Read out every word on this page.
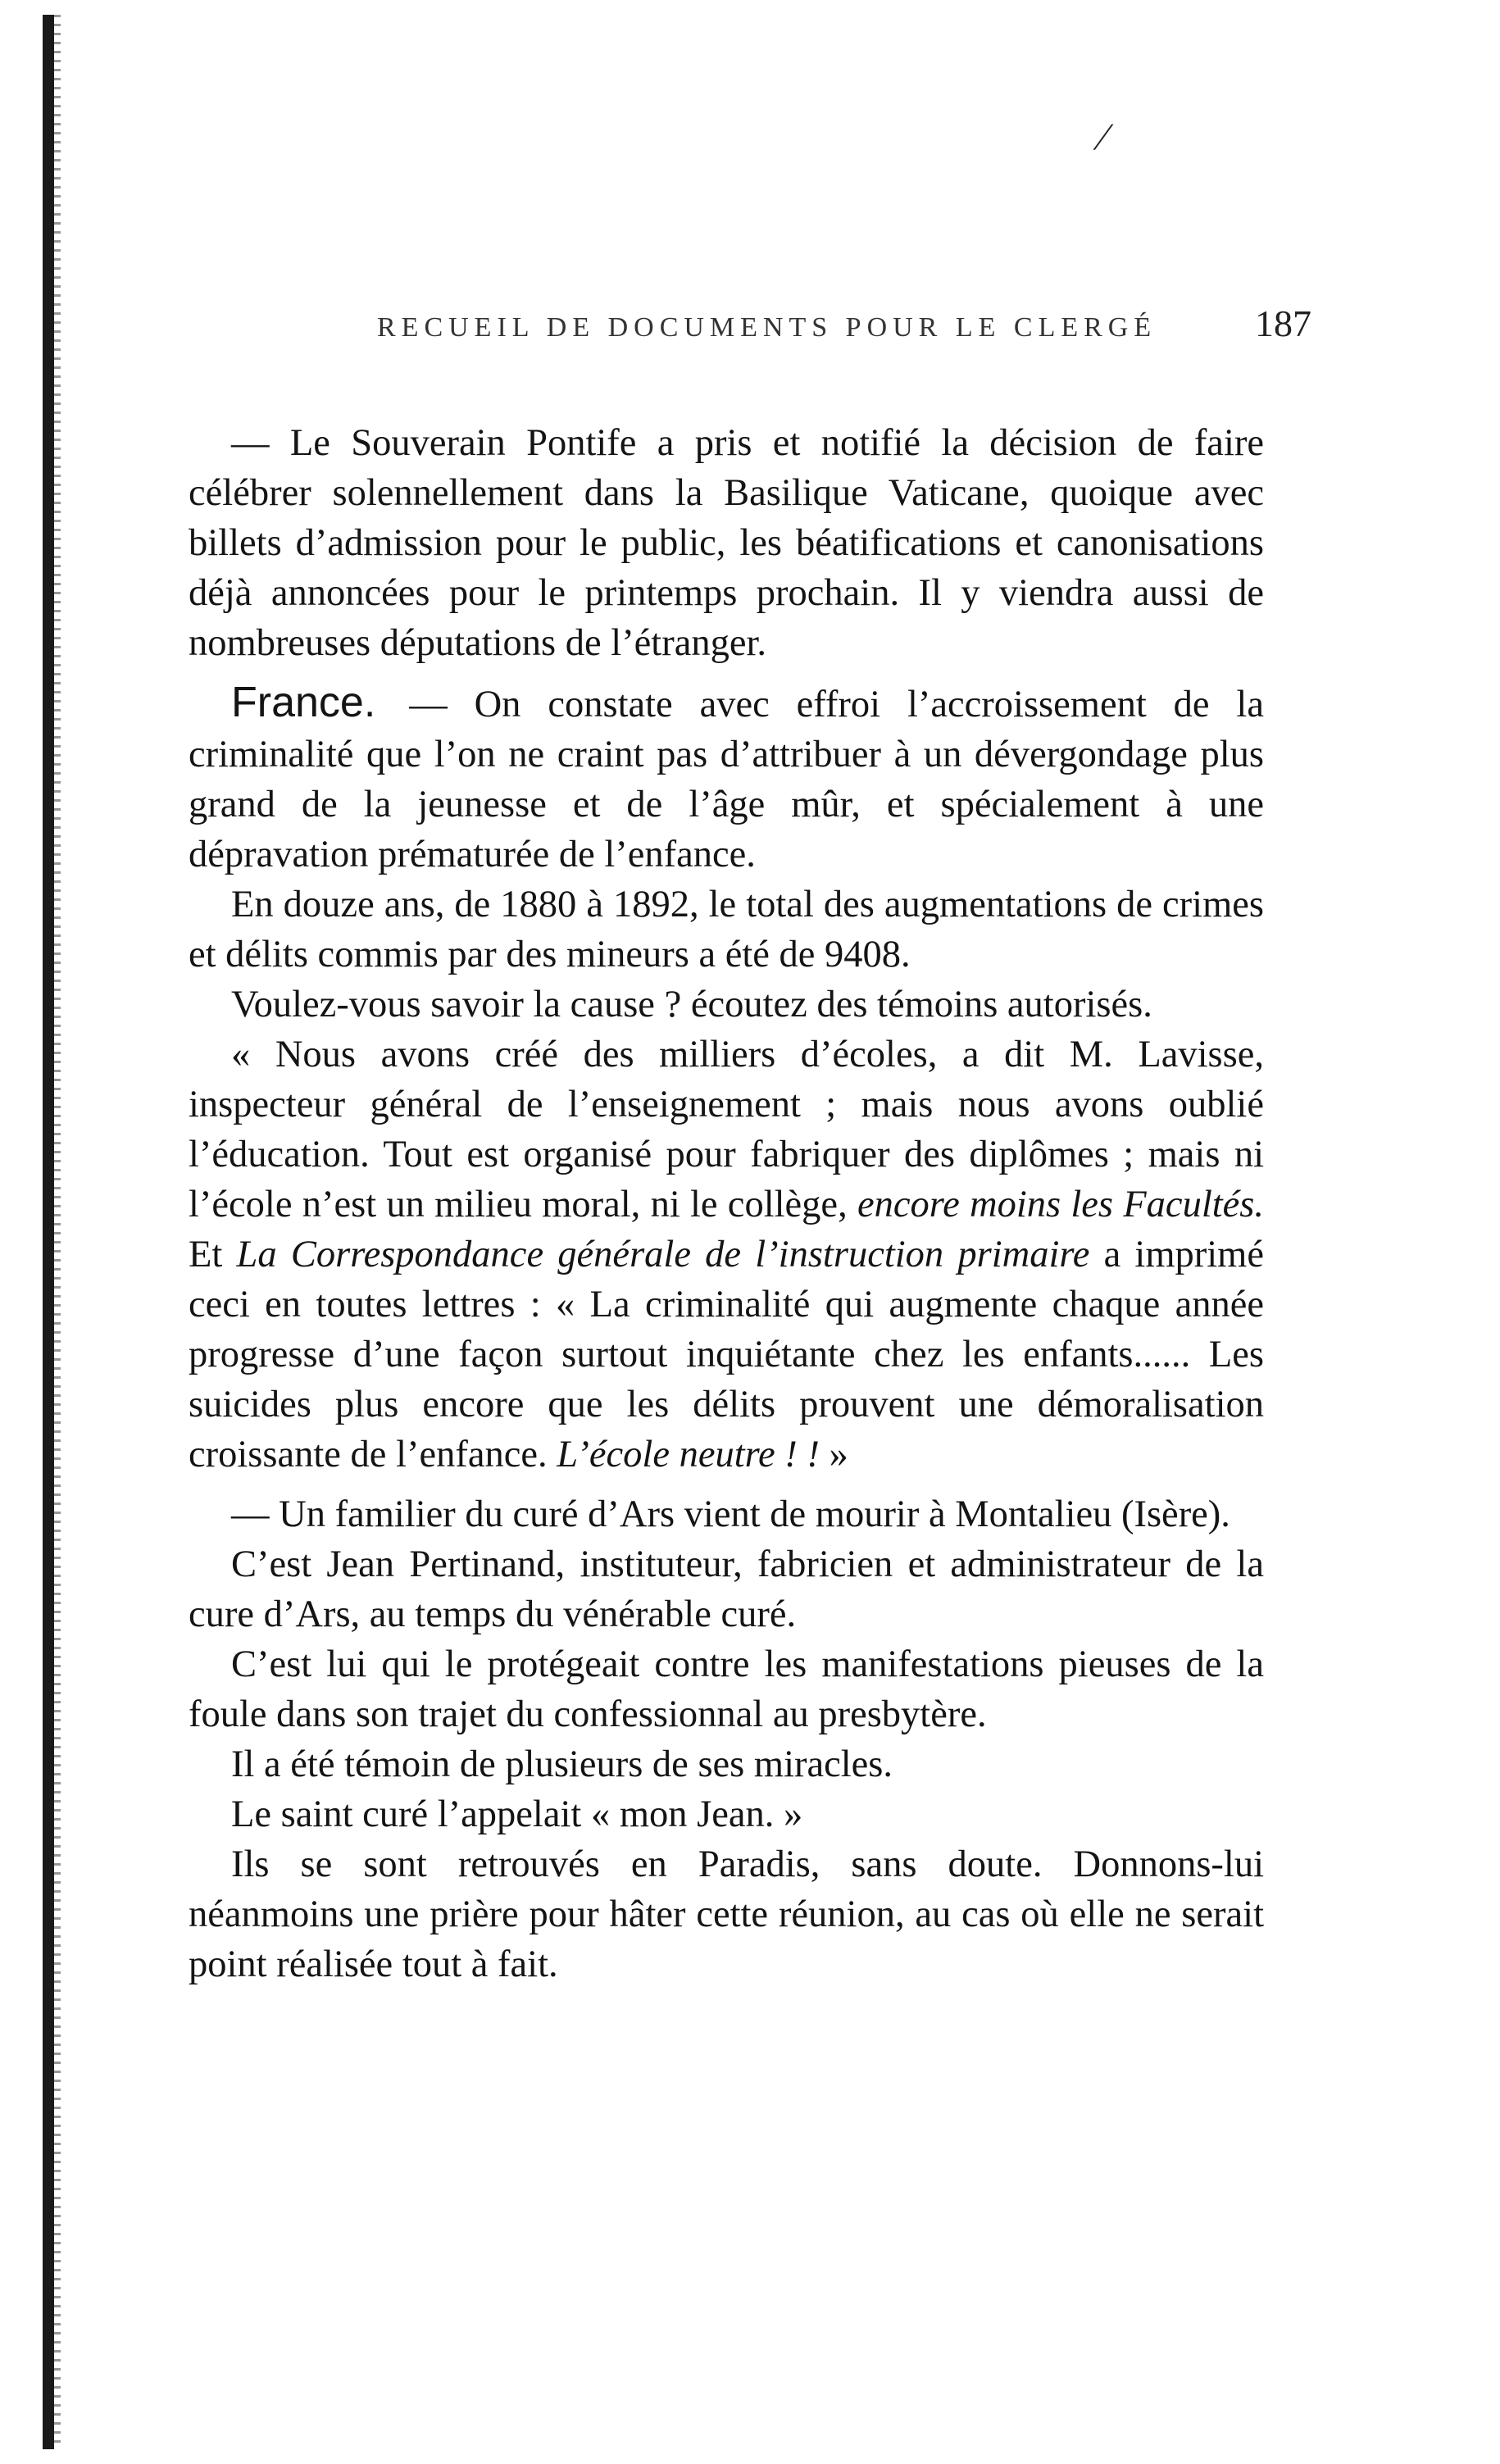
⁄
RECUEIL DE DOCUMENTS POUR LE CLERGÉ	187

— Le Souverain Pontife a pris et notifié la décision de faire célébrer solennellement dans la Basilique Vaticane, quoique avec billets d’admission pour le public, les béatifications et canonisations déjà annoncées pour le printemps prochain. Il y viendra aussi de nombreuses députations de l’étranger.

France. — On constate avec effroi l’accroissement de la criminalité que l’on ne craint pas d’attribuer à un dévergondage plus grand de la jeunesse et de l’âge mûr, et spécialement à une dépravation prématurée de l’enfance.

En douze ans, de 1880 à 1892, le total des augmentations de crimes et délits commis par des mineurs a été de 9408.

Voulez-vous savoir la cause ? écoutez des témoins autorisés.

« Nous avons créé des milliers d’écoles, a dit M. Lavisse, inspecteur général de l’enseignement ; mais nous avons oublié l’éducation. Tout est organisé pour fabriquer des diplômes ; mais ni l’école n’est un milieu moral, ni le collège, encore moins les Facultés. Et La Correspondance générale de l’instruction primaire a imprimé ceci en toutes lettres : « La criminalité qui augmente chaque année progresse d’une façon surtout inquiétante chez les enfants...... Les suicides plus encore que les délits prouvent une démoralisation croissante de l’enfance. L’école neutre ! ! »

— Un familier du curé d’Ars vient de mourir à Montalieu (Isère).

C’est Jean Pertinand, instituteur, fabricien et administrateur de la cure d’Ars, au temps du vénérable curé.

C’est lui qui le protégeait contre les manifestations pieuses de la foule dans son trajet du confessionnal au presbytère.

Il a été témoin de plusieurs de ses miracles.

Le saint curé l’appelait « mon Jean. »

Ils se sont retrouvés en Paradis, sans doute. Donnons-lui néanmoins une prière pour hâter cette réunion, au cas où elle ne serait point réalisée tout à fait.
